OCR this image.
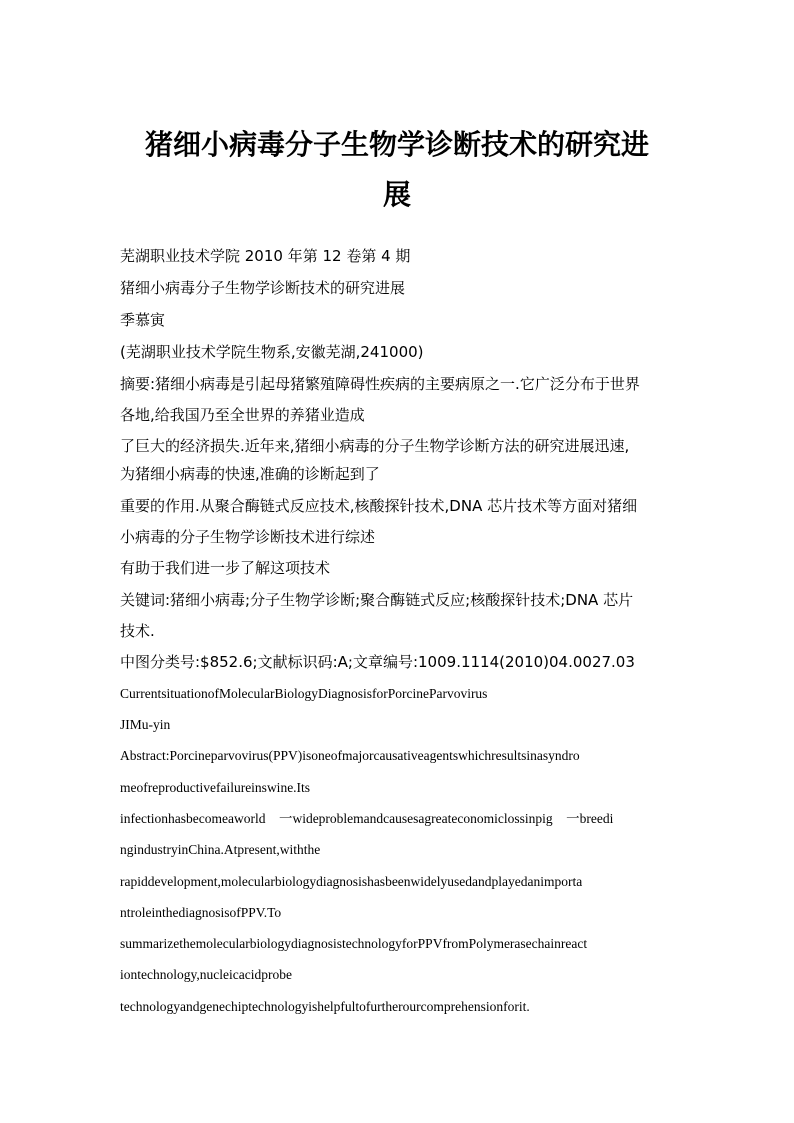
猪细小病毒分子生物学诊断技术的研究进
展

芜湖职业技术学院 2010 年第 12 卷第 4 期

猪细小病毒分子生物学诊断技术的研究进展

季慕寅

(芜湖职业技术学院生物系,安徽芜湖,241000)

摘要:猪细小病毒是引起母猪繁殖障碍性疾病的主要病原之一.它广泛分布于世界

各地,给我国乃至全世界的养猪业造成

了巨大的经济损失.近年来,猪细小病毒的分子生物学诊断方法的研究进展迅速,

为猪细小病毒的快速,准确的诊断起到了

重要的作用.从聚合酶链式反应技术,核酸探针技术,DNA 芯片技术等方面对猪细

小病毒的分子生物学诊断技术进行综述

有助于我们进一步了解这项技术

关键词:猪细小病毒;分子生物学诊断;聚合酶链式反应;核酸探针技术;DNA 芯片

技术.

中图分类号:$852.6;文献标识码:A;文章编号:1009.1114(2010)04.0027.03

CurrentsituationofMolecularBiologyDiagnosisforPorcineParvovirus

JIMu-yin

Abstract:Porcineparvovirus(PPV)isoneofmajorcausativeagentswhichresultsinasyndro

meofreproductivefailureinswine.Its

infectionhasbecomeaworld　一wideproblemandcausesagreateconomiclossinpig　一breedi

ngindustryinChina.Atpresent,withthe

rapiddevelopment,molecularbiologydiagnosishasbeenwidelyusedandplayedanimporta

ntroleinthediagnosisofPPV.To

summarizethemolecularbiologydiagnosistechnologyforPPVfromPolymerasechainreact

iontechnology,nucleicacidprobe

technologyandgenechiptechnologyishelpfultofurtherourcomprehensionforit.
